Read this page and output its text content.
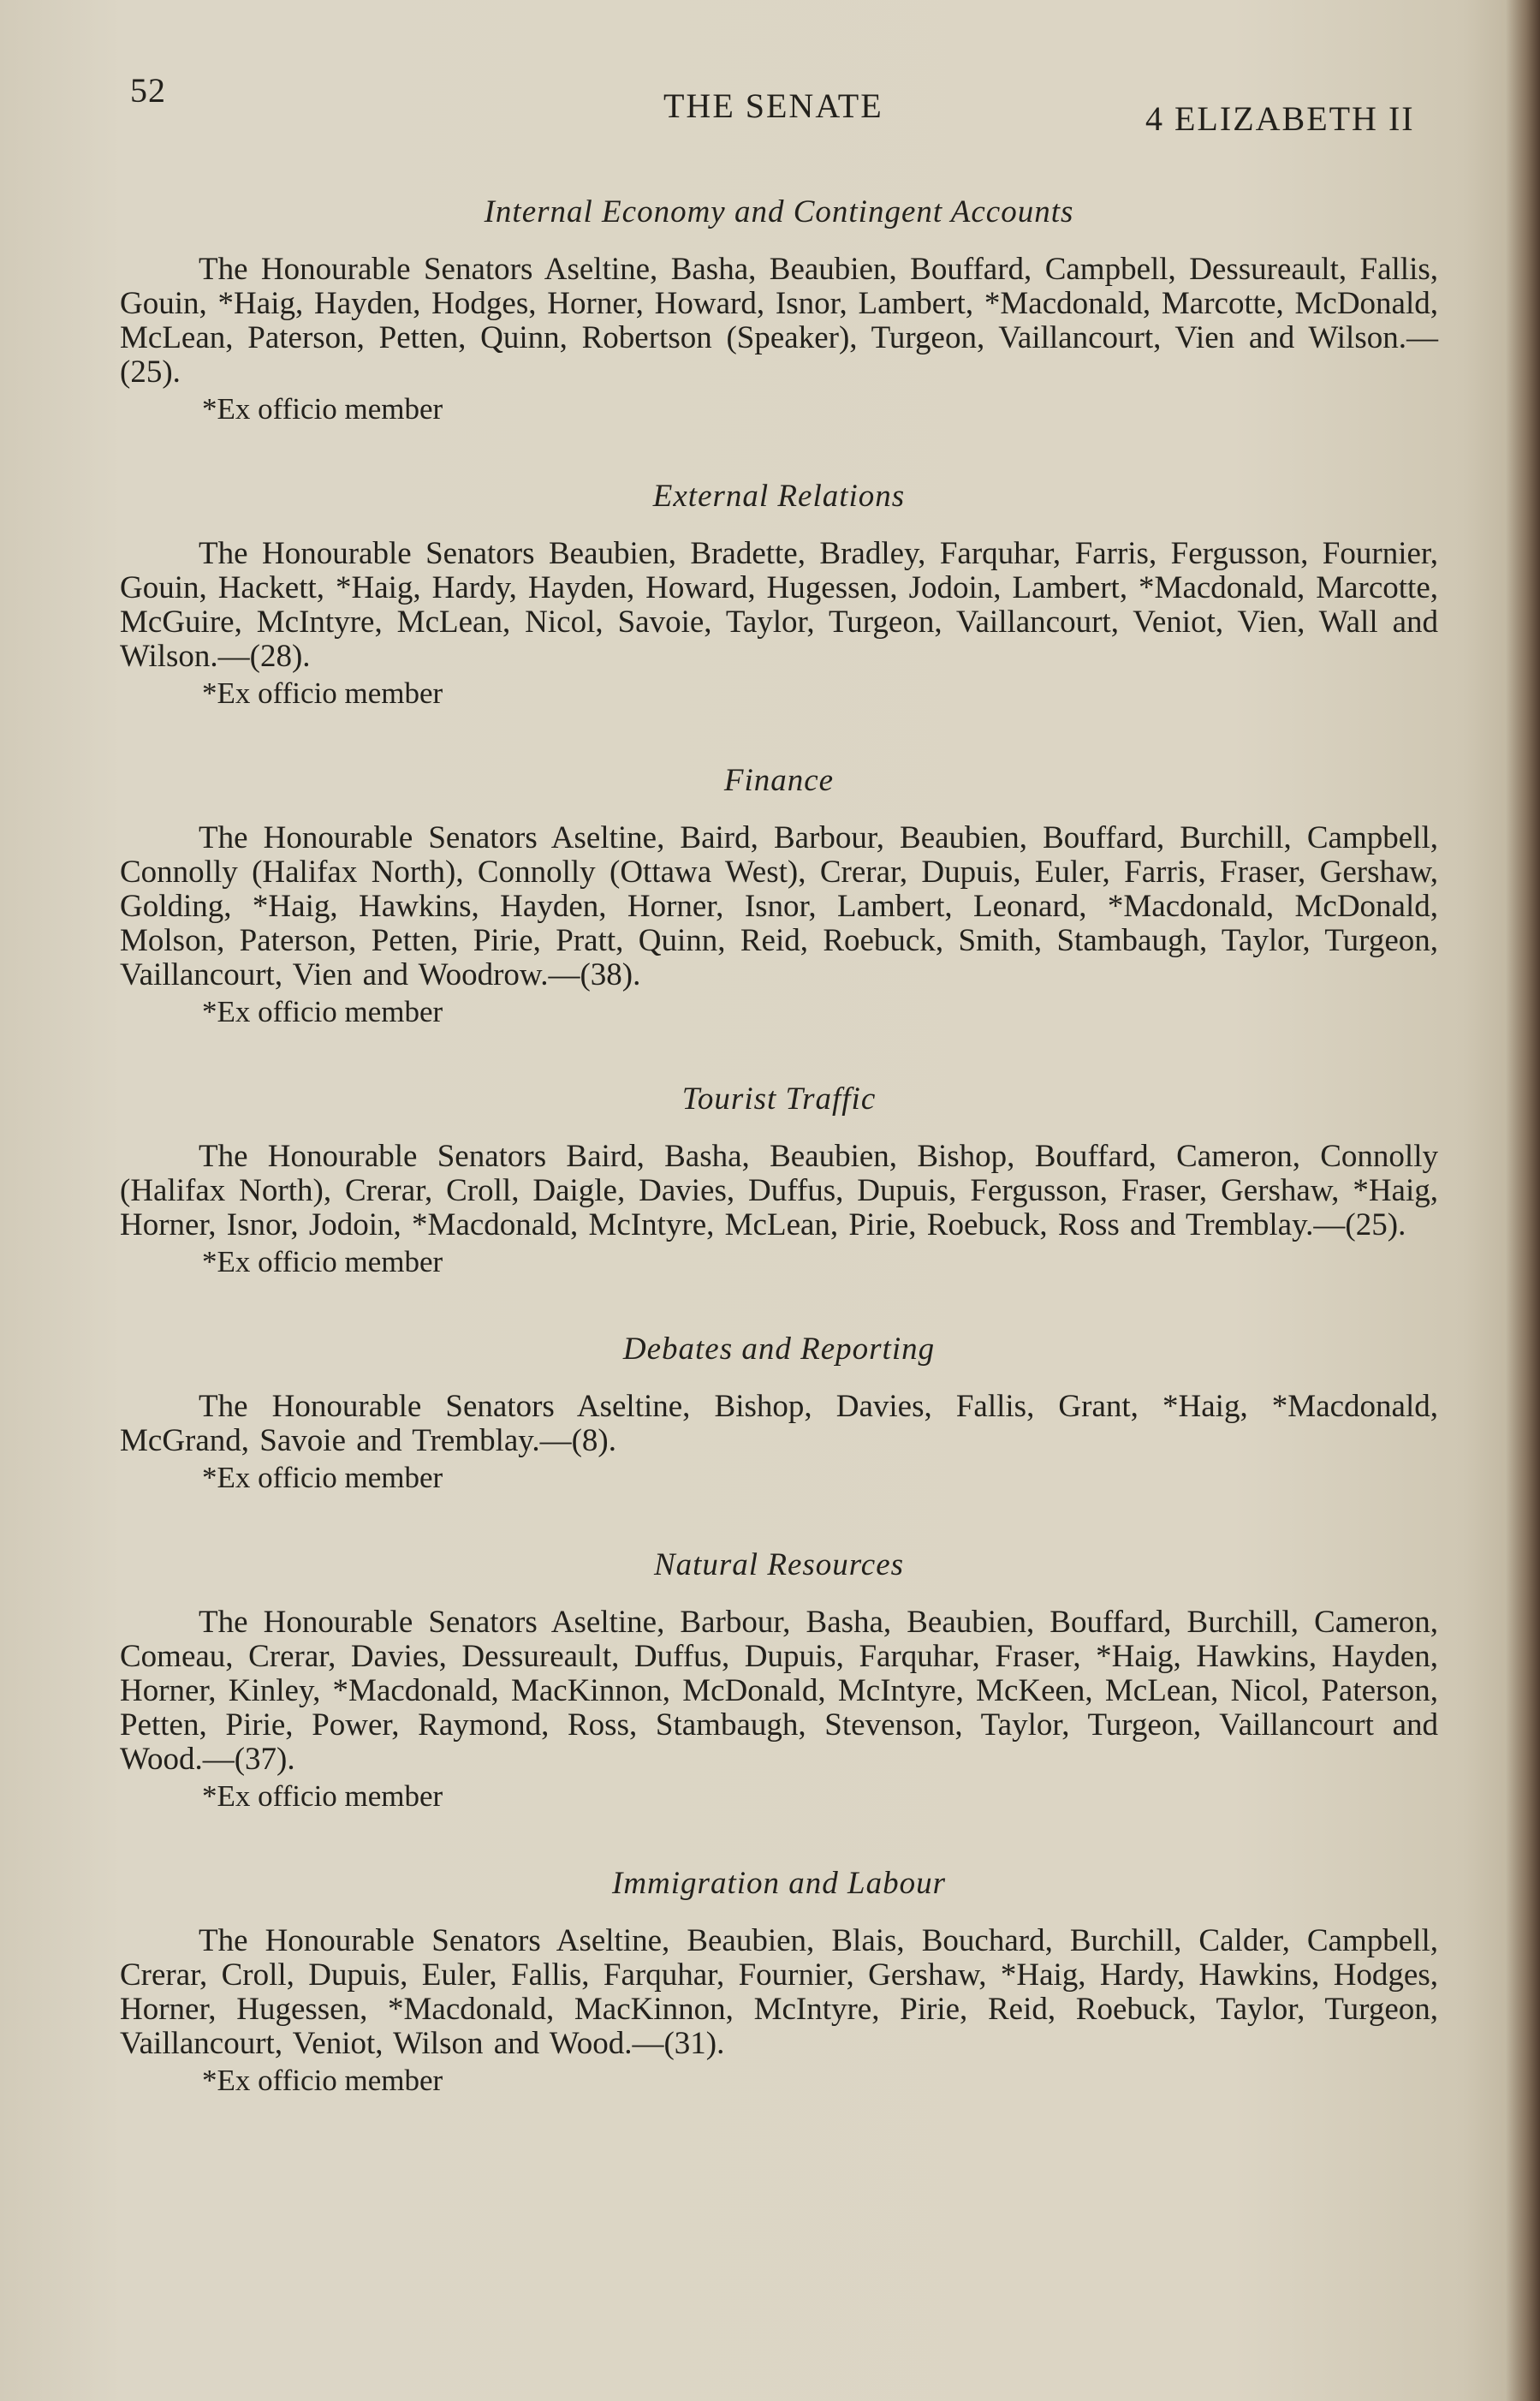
52	THE SENATE	4 ELIZABETH II
Internal Economy and Contingent Accounts

The Honourable Senators Aseltine, Basha, Beaubien, Bouffard, Campbell, Dessureault, Fallis, Gouin, *Haig, Hayden, Hodges, Horner, Howard, Isnor, Lambert, *Macdonald, Marcotte, McDonald, McLean, Paterson, Petten, Quinn, Robertson (Speaker), Turgeon, Vaillancourt, Vien and Wilson.—(25).

*Ex officio member
External Relations

The Honourable Senators Beaubien, Bradette, Bradley, Farquhar, Farris, Fergusson, Fournier, Gouin, Hackett, *Haig, Hardy, Hayden, Howard, Hugessen, Jodoin, Lambert, *Macdonald, Marcotte, McGuire, McIntyre, McLean, Nicol, Savoie, Taylor, Turgeon, Vaillancourt, Veniot, Vien, Wall and Wilson.—(28).

*Ex officio member
Finance

The Honourable Senators Aseltine, Baird, Barbour, Beaubien, Bouffard, Burchill, Campbell, Connolly (Halifax North), Connolly (Ottawa West), Crerar, Dupuis, Euler, Farris, Fraser, Gershaw, Golding, *Haig, Hawkins, Hayden, Horner, Isnor, Lambert, Leonard, *Macdonald, McDonald, Molson, Paterson, Petten, Pirie, Pratt, Quinn, Reid, Roebuck, Smith, Stambaugh, Taylor, Turgeon, Vaillancourt, Vien and Woodrow.—(38).

*Ex officio member
Tourist Traffic

The Honourable Senators Baird, Basha, Beaubien, Bishop, Bouffard, Cameron, Connolly (Halifax North), Crerar, Croll, Daigle, Davies, Duffus, Dupuis, Fergusson, Fraser, Gershaw, *Haig, Horner, Isnor, Jodoin, *Macdonald, McIntyre, McLean, Pirie, Roebuck, Ross and Tremblay.—(25).

*Ex officio member
Debates and Reporting

The Honourable Senators Aseltine, Bishop, Davies, Fallis, Grant, *Haig, *Macdonald, McGrand, Savoie and Tremblay.—(8).

*Ex officio member
Natural Resources

The Honourable Senators Aseltine, Barbour, Basha, Beaubien, Bouffard, Burchill, Cameron, Comeau, Crerar, Davies, Dessureault, Duffus, Dupuis, Farquhar, Fraser, *Haig, Hawkins, Hayden, Horner, Kinley, *Macdonald, MacKinnon, McDonald, McIntyre, McKeen, McLean, Nicol, Paterson, Petten, Pirie, Power, Raymond, Ross, Stambaugh, Stevenson, Taylor, Turgeon, Vaillancourt and Wood.—(37).

*Ex officio member
Immigration and Labour

The Honourable Senators Aseltine, Beaubien, Blais, Bouchard, Burchill, Calder, Campbell, Crerar, Croll, Dupuis, Euler, Fallis, Farquhar, Fournier, Gershaw, *Haig, Hardy, Hawkins, Hodges, Horner, Hugessen, *Macdonald, MacKinnon, McIntyre, Pirie, Reid, Roebuck, Taylor, Turgeon, Vaillancourt, Veniot, Wilson and Wood.—(31).

*Ex officio member
